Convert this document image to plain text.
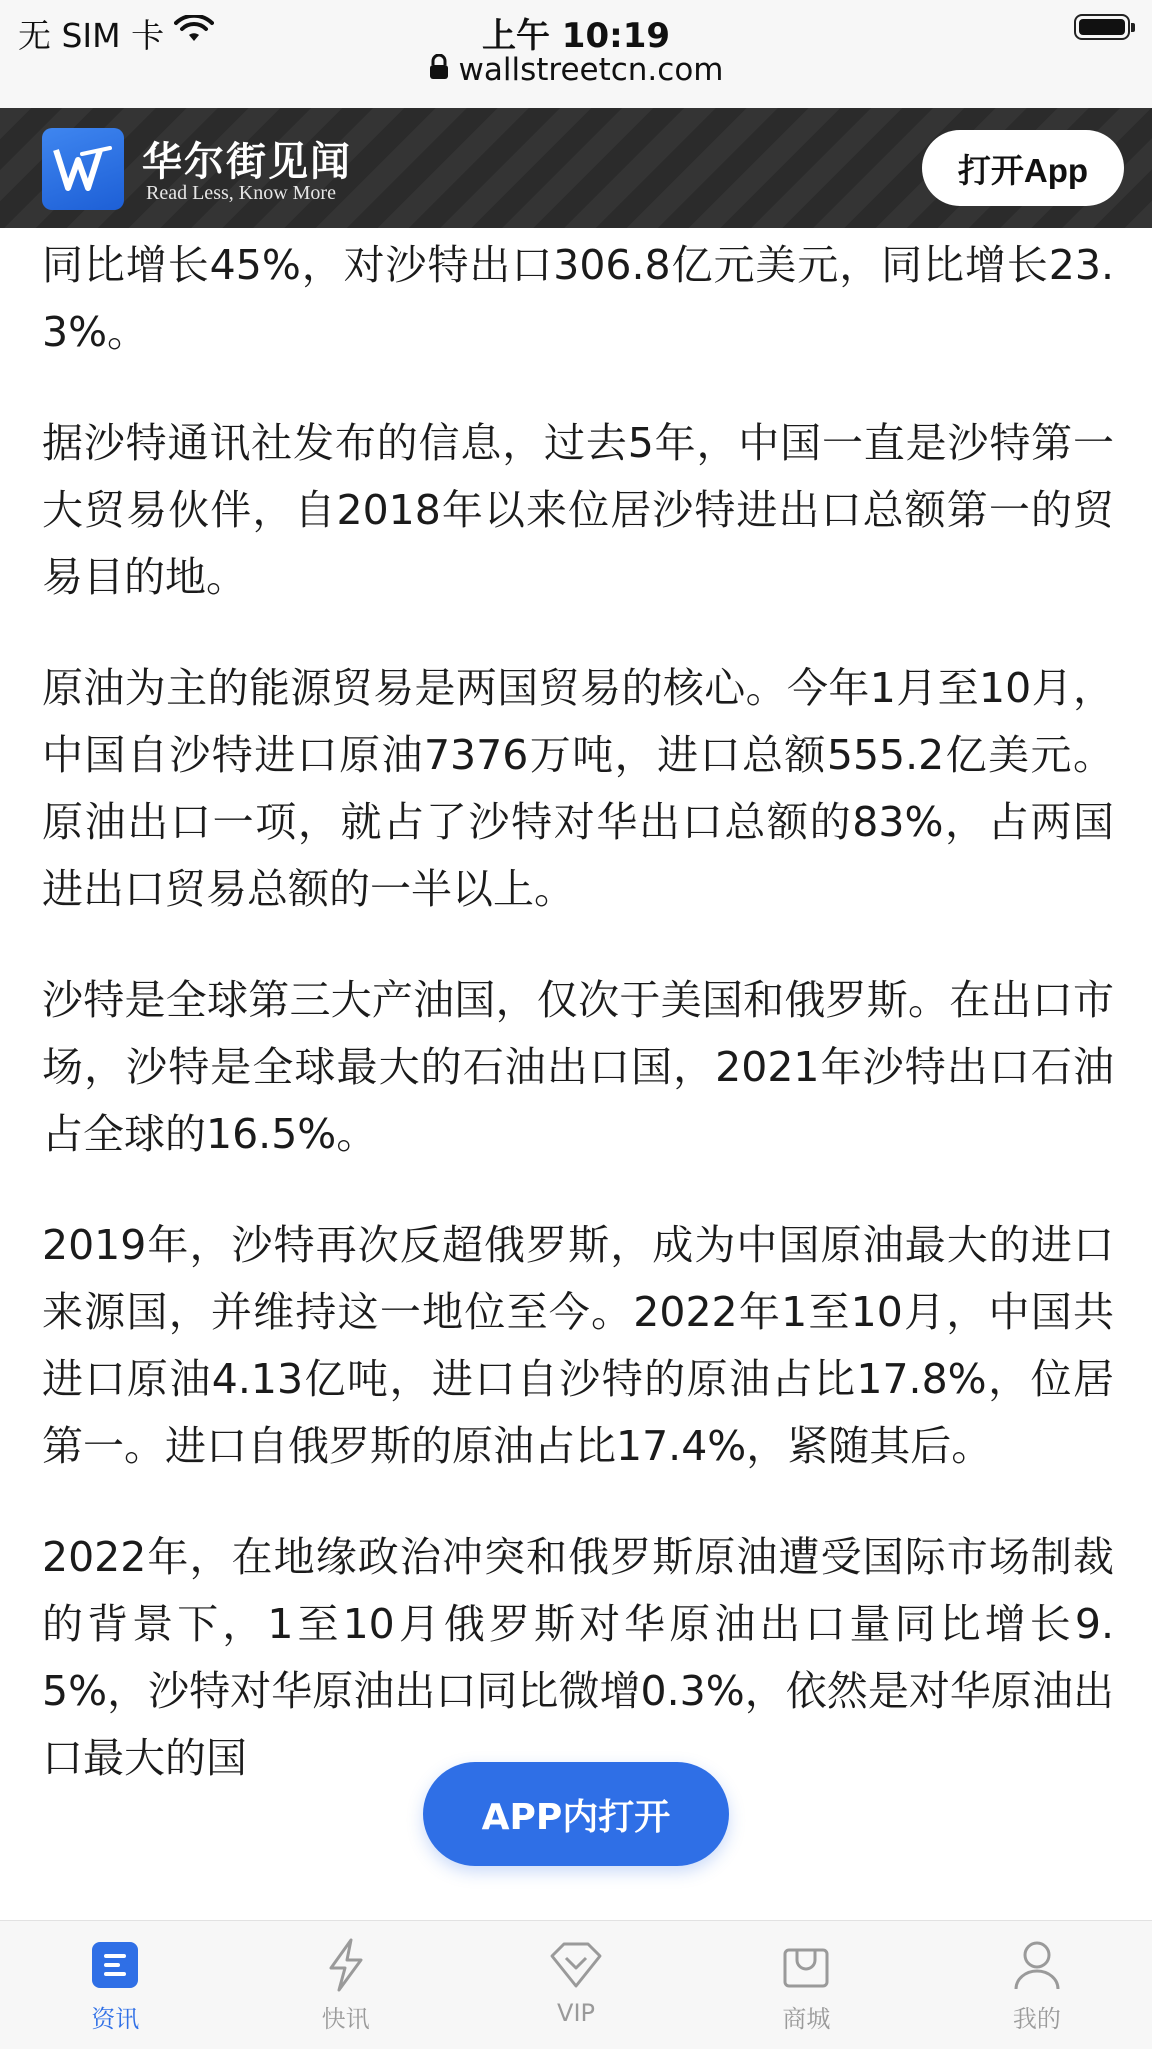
无 SIM 卡	上午 10:19
wallstreetcn.com
华尔街见闻
Read Less, Know More
打开App

同比增长45%，对沙特出口306.8亿元美元，同比增长23.3%。

据沙特通讯社发布的信息，过去5年，中国一直是沙特第一大贸易伙伴，自2018年以来位居沙特进出口总额第一的贸易目的地。

原油为主的能源贸易是两国贸易的核心。今年1月至10月，中国自沙特进口原油7376万吨，进口总额555.2亿美元。原油出口一项，就占了沙特对华出口总额的83%，占两国进出口贸易总额的一半以上。

沙特是全球第三大产油国，仅次于美国和俄罗斯。在出口市场，沙特是全球最大的石油出口国，2021年沙特出口石油占全球的16.5%。

2019年，沙特再次反超俄罗斯，成为中国原油最大的进口来源国，并维持这一地位至今。2022年1至10月，中国共进口原油4.13亿吨，进口自沙特的原油占比17.8%，位居第一。进口自俄罗斯的原油占比17.4%，紧随其后。

2022年，在地缘政治冲突和俄罗斯原油遭受国际市场制裁的背景下，1至10月俄罗斯对华原油出口量同比增长9.5%，沙特对华原油出口同比微增0.3%，依然是对华原油出口最大的国

APP内打开
资讯	快讯	VIP	商城	我的
